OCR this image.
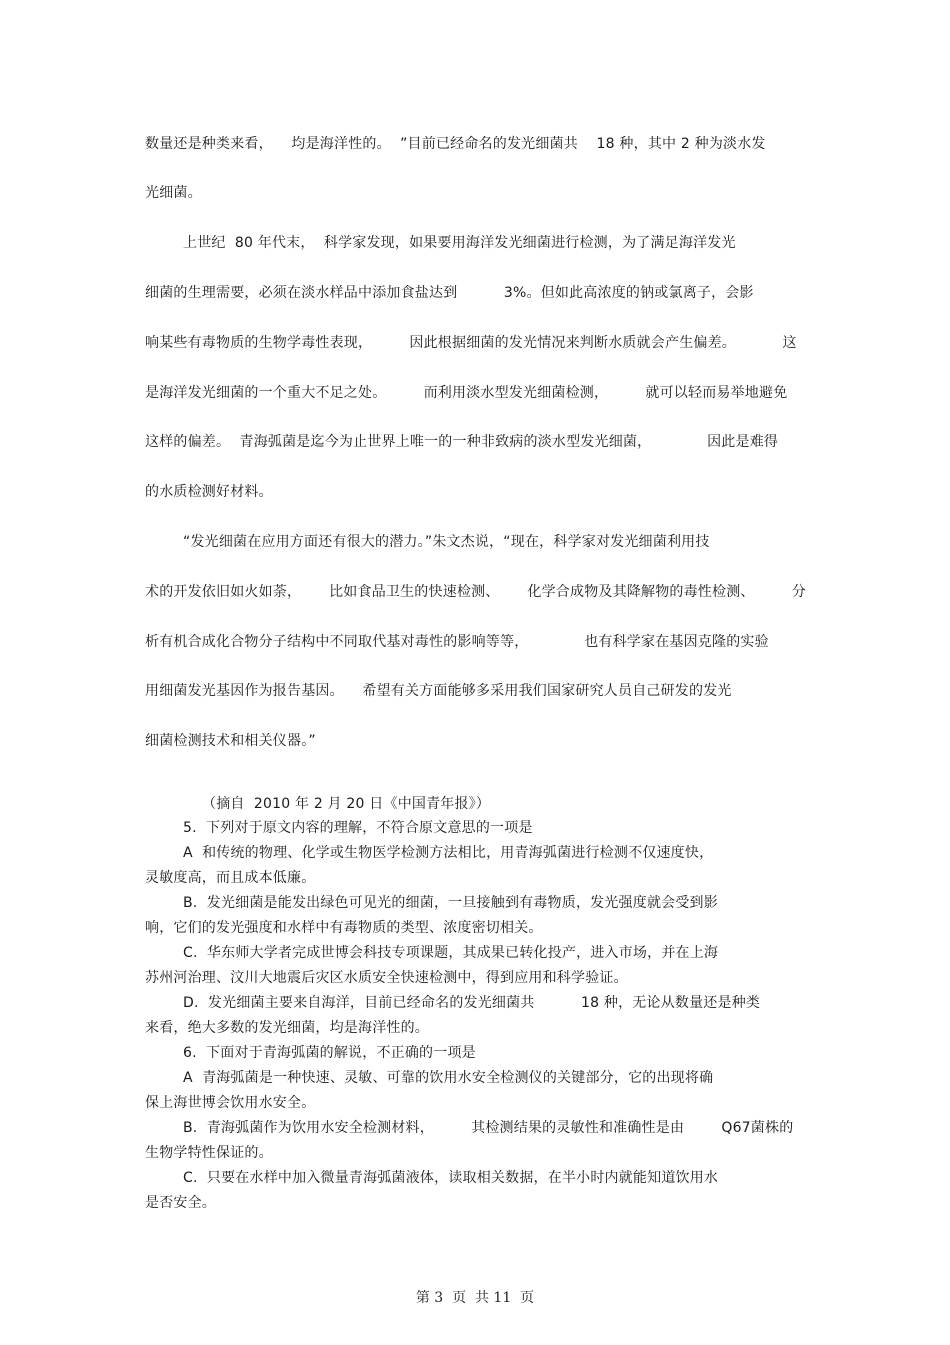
数量还是种类来看，    均是海洋性的。  ”目前已经命名的发光细菌共    18 种，其中 2 种为淡水发
光细菌。
上世纪  80 年代末，  科学家发现，如果要用海洋发光细菌进行检测，为了满足海洋发光
细菌的生理需要，必须在淡水样品中添加食盐达到          3%。但如此高浓度的钠或氯离子，会影
响某些有毒物质的生物学毒性表现，        因此根据细菌的发光情况来判断水质就会产生偏差。          这
是海洋发光细菌的一个重大不足之处。        而利用淡水型发光细菌检测，        就可以轻而易举地避免
这样的偏差。  青海弧菌是迄今为止世界上唯一的一种非致病的淡水型发光细菌，            因此是难得
的水质检测好材料。
“发光细菌在应用方面还有很大的潜力。”朱文杰说，“现在，科学家对发光细菌利用技
术的开发依旧如火如荼，      比如食品卫生的快速检测、      化学合成物及其降解物的毒性检测、        分
析有机合成化合物分子结构中不同取代基对毒性的影响等等，            也有科学家在基因克隆的实验
用细菌发光基因作为报告基因。    希望有关方面能够多采用我们国家研究人员自己研发的发光
细菌检测技术和相关仪器。”
（摘自  2010 年 2 月 20 日《中国青年报》）
5.  下列对于原文内容的理解，不符合原文意思的一项是
A  和传统的物理、化学或生物医学检测方法相比，用青海弧菌进行检测不仅速度快，
灵敏度高，而且成本低廉。
B.  发光细菌是能发出绿色可见光的细菌，一旦接触到有毒物质，发光强度就会受到影
响，它们的发光强度和水样中有毒物质的类型、浓度密切相关。
C.  华东师大学者完成世博会科技专项课题，其成果已转化投产，进入市场，并在上海
苏州河治理、汶川大地震后灾区水质安全快速检测中，得到应用和科学验证。
D.  发光细菌主要来自海洋，目前已经命名的发光细菌共          18 种，无论从数量还是种类
来看，绝大多数的发光细菌，均是海洋性的。
6.  下面对于青海弧菌的解说，不正确的一项是
A  青海弧菌是一种快速、灵敏、可靠的饮用水安全检测仪的关键部分，它的出现将确
保上海世博会饮用水安全。
B.  青海弧菌作为饮用水安全检测材料，        其检测结果的灵敏性和准确性是由        Q67菌株的
生物学特性保证的。
C.  只要在水样中加入微量青海弧菌液体，读取相关数据，在半小时内就能知道饮用水
是否安全。
第 3  页  共 11  页
